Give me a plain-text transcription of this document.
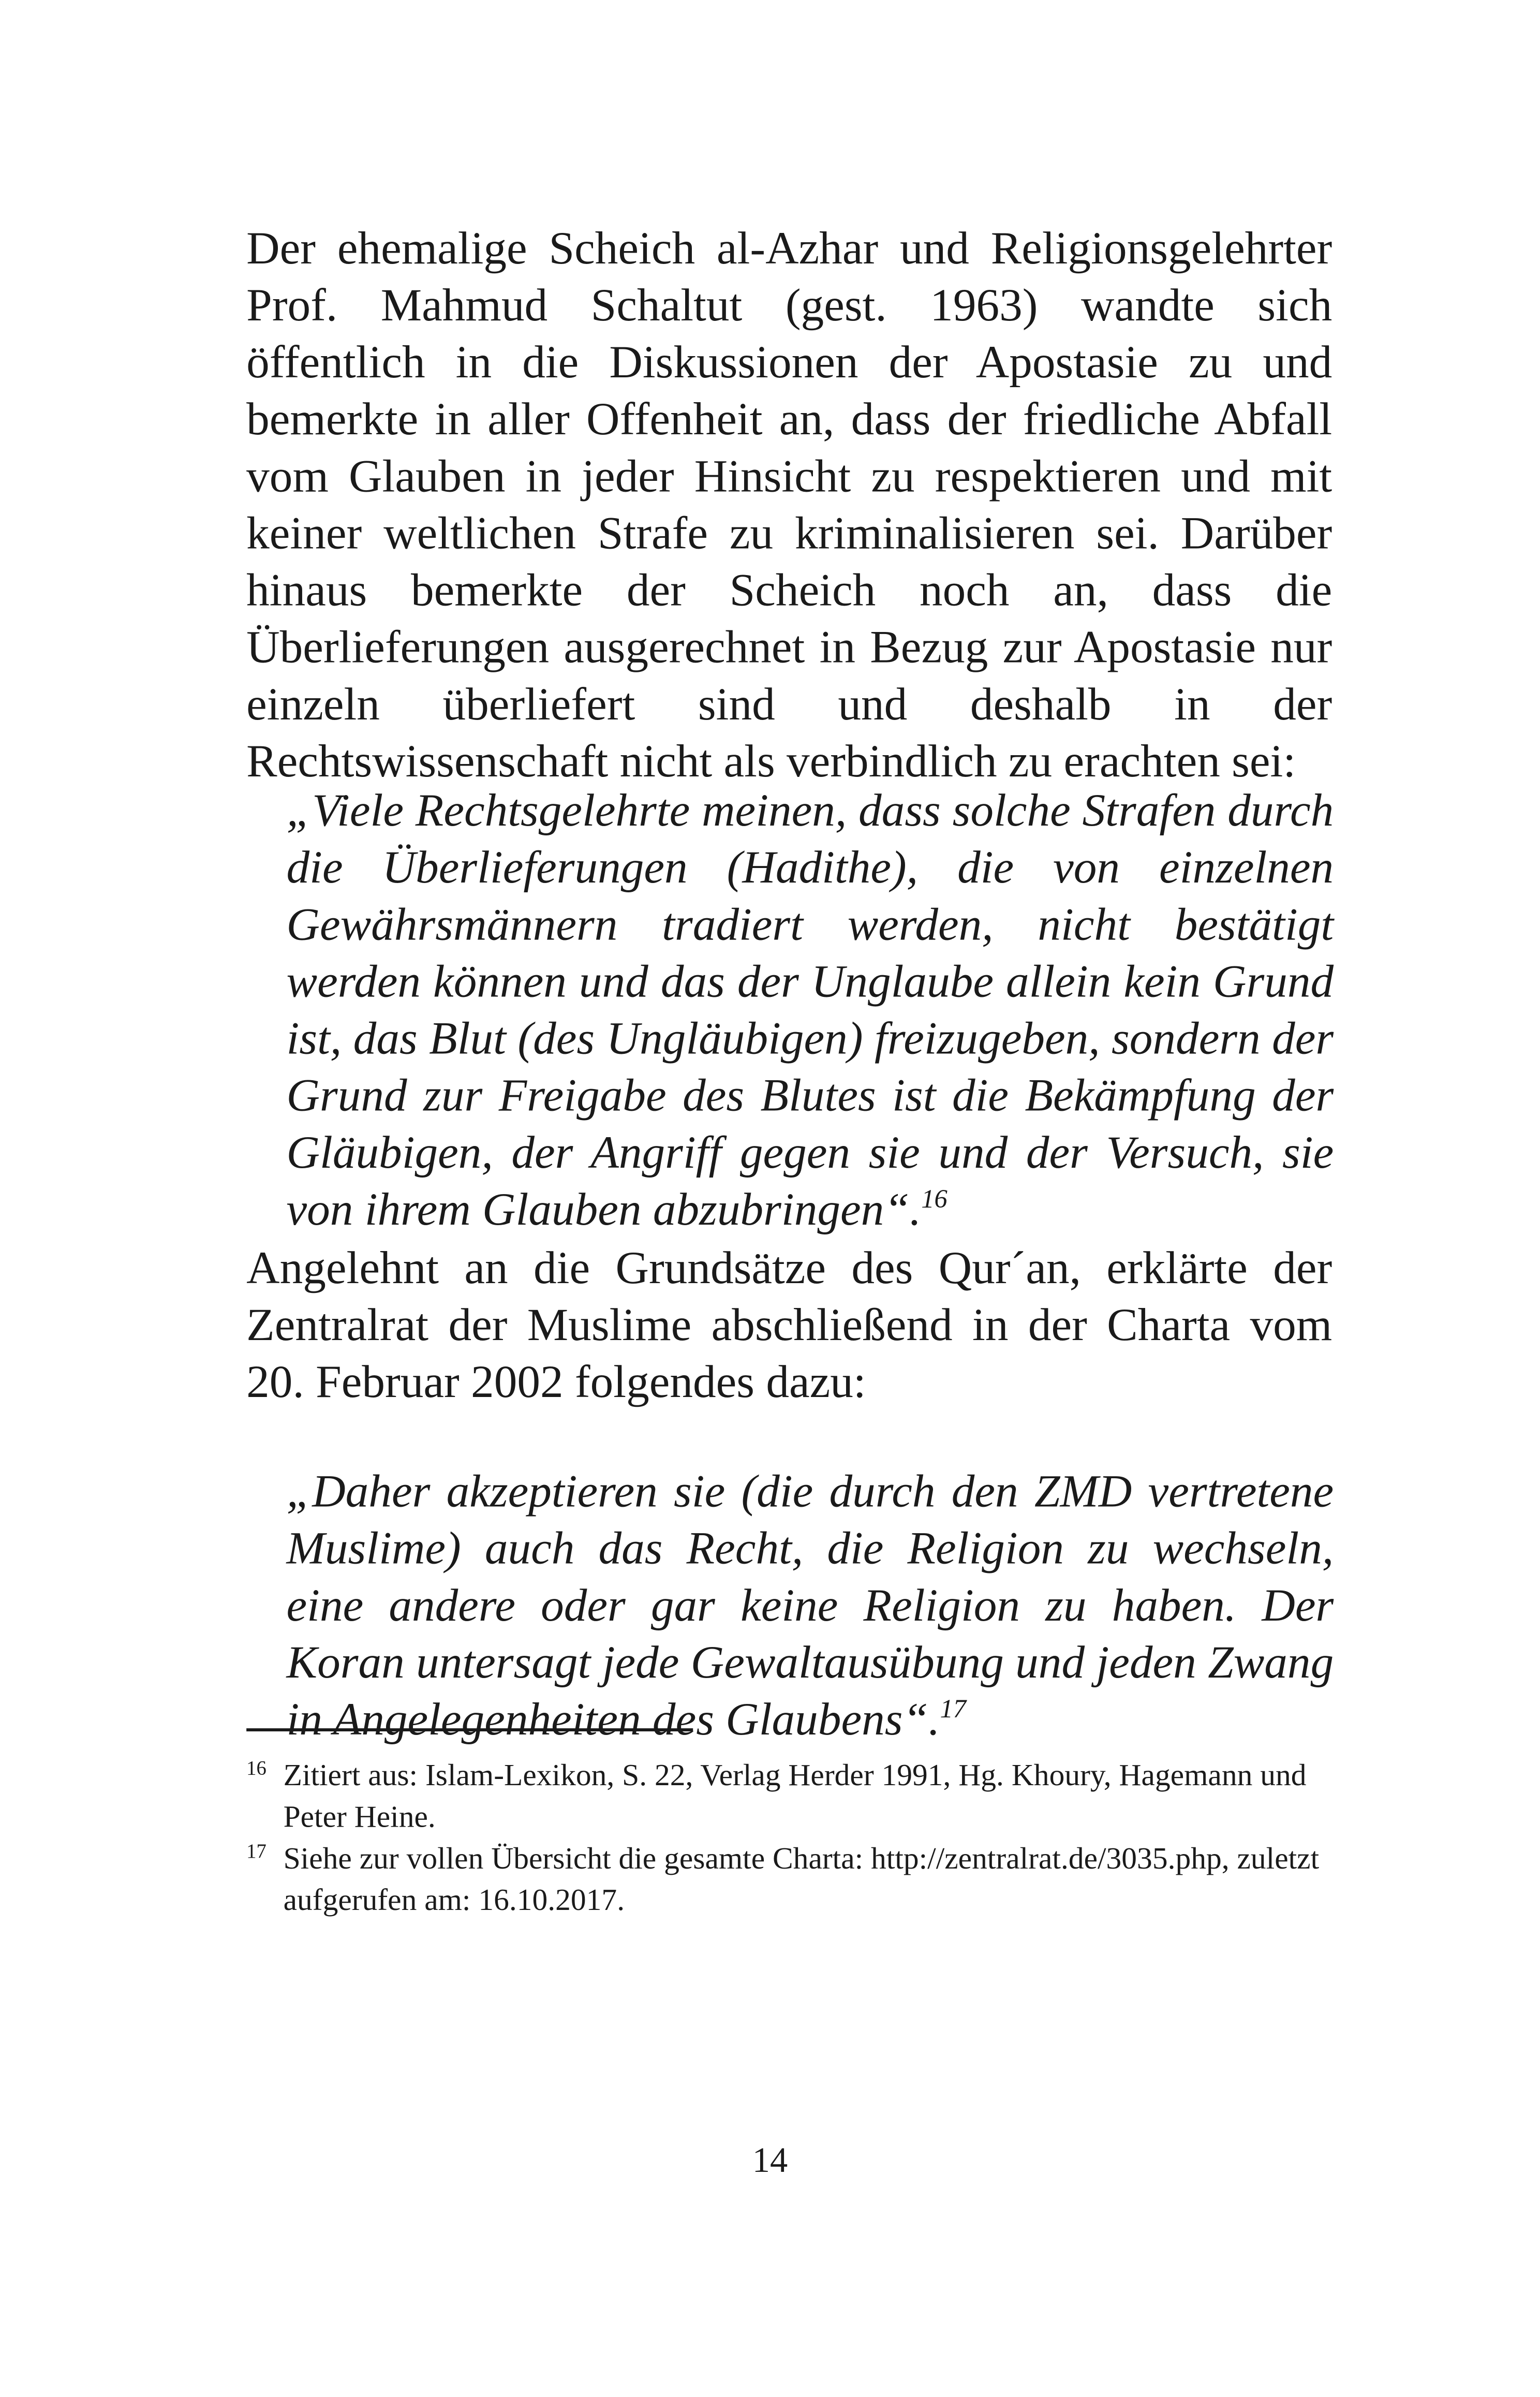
Der ehemalige Scheich al-Azhar und Religionsgelehrter Prof. Mahmud Schaltut (gest. 1963) wandte sich öffentlich in die Diskussionen der Apostasie zu und bemerkte in aller Offenheit an, dass der friedliche Abfall vom Glauben in jeder Hinsicht zu respektieren und mit keiner weltlichen Strafe zu kriminalisieren sei. Darüber hinaus bemerkte der Scheich noch an, dass die Überlieferungen ausgerechnet in Bezug zur Apostasie nur einzeln überliefert sind und deshalb in der Rechtswissenschaft nicht als verbindlich zu erachten sei:

„Viele Rechtsgelehrte meinen, dass solche Strafen durch die Überlieferungen (Hadithe), die von einzelnen Gewährsmännern tradiert werden, nicht bestätigt werden können und das der Unglaube allein kein Grund ist, das Blut (des Ungläubigen) freizugeben, sondern der Grund zur Freigabe des Blutes ist die Bekämpfung der Gläubigen, der Angriff gegen sie und der Versuch, sie von ihrem Glauben abzubringen“.$^{16}$

Angelehnt an die Grundsätze des Qur´an, erklärte der Zentralrat der Muslime abschließend in der Charta vom 20. Februar 2002 folgendes dazu:

„Daher akzeptieren sie (die durch den ZMD vertretene Muslime) auch das Recht, die Religion zu wechseln, eine andere oder gar keine Religion zu haben. Der Koran untersagt jede Gewaltausübung und jeden Zwang in Angelegenheiten des Glaubens“.$^{17}$

16 Zitiert aus: Islam-Lexikon, S. 22, Verlag Herder 1991, Hg. Khoury, Hagemann und Peter Heine.
17 Siehe zur vollen Übersicht die gesamte Charta: http://zentralrat.de/3035.php, zuletzt aufgerufen am: 16.10.2017.
14
